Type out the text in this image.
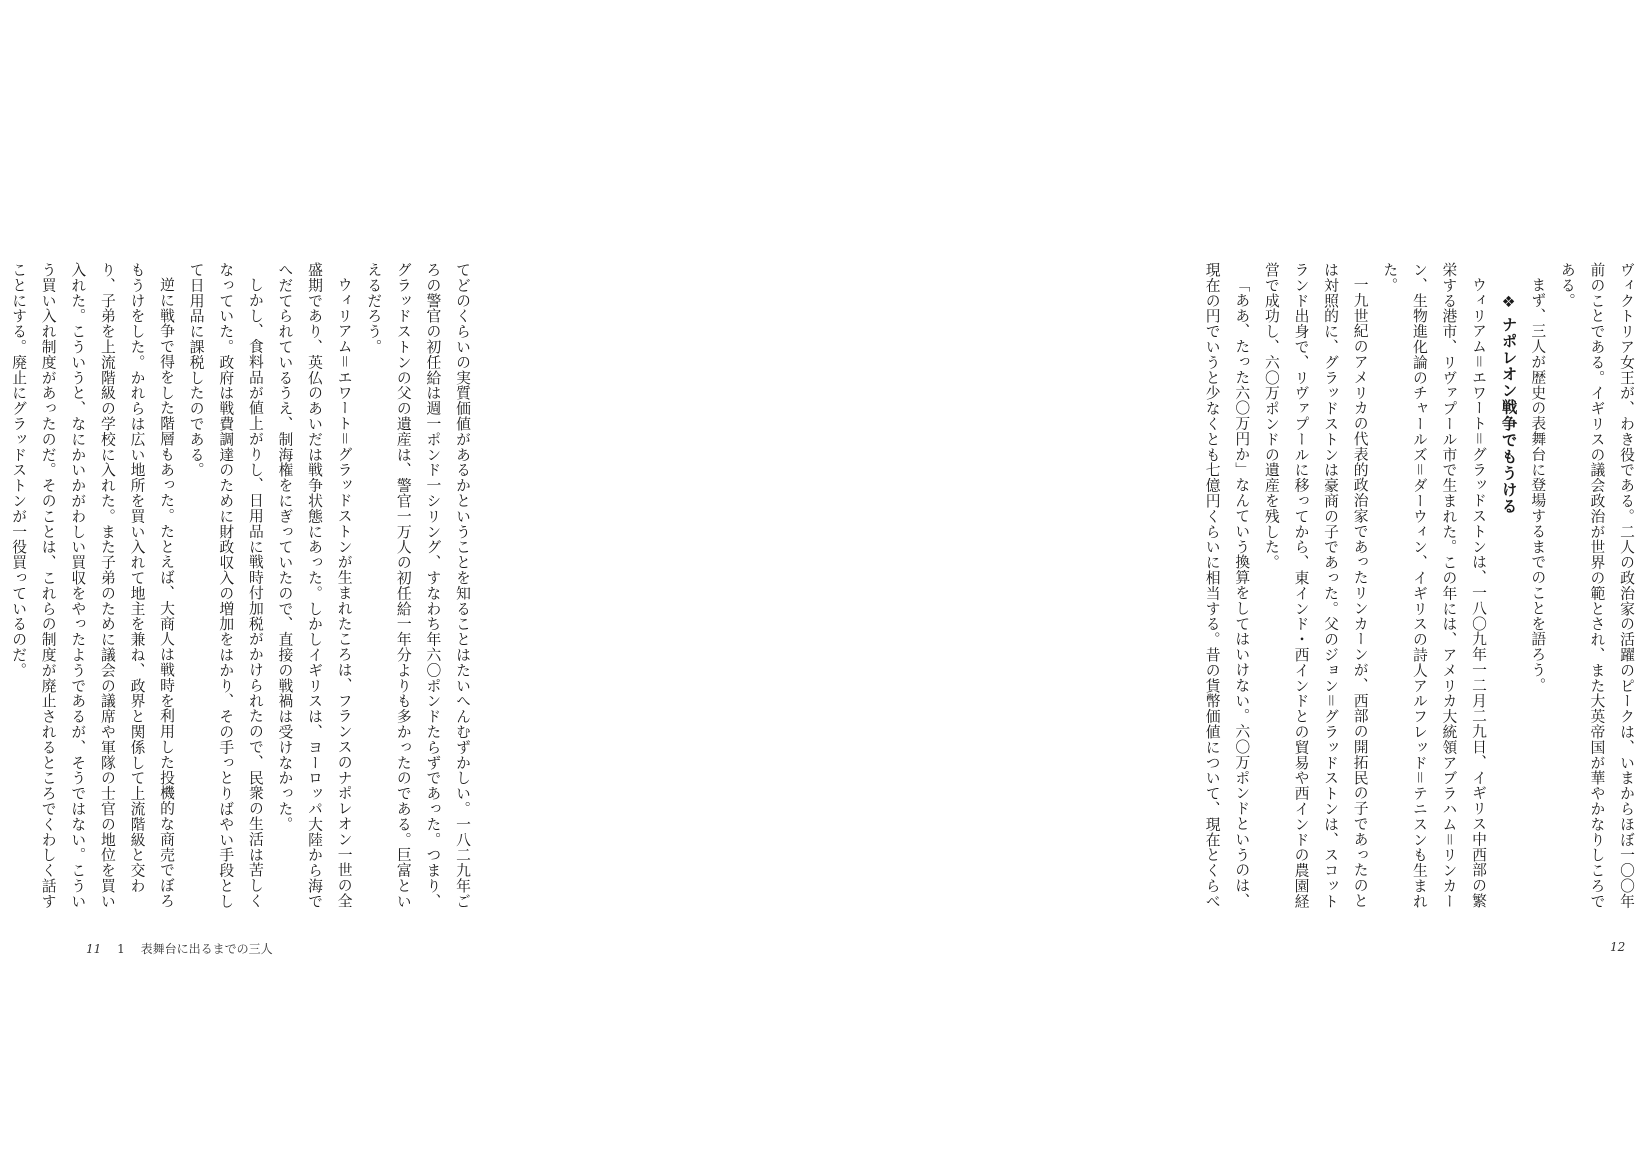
てどのくらいの実質価値があるかということを知ることはたいへんむずかしい。一八二九年ごろの警官の初任給は週一ポンド一シリング、すなわち年六〇ポンドたらずであった。つまり、グラッドストンの父の遺産は、警官一万人の初任給一年分よりも多かったのである。巨富といえるだろう。

ウィリアム＝エワート＝グラッドストンが生まれたころは、フランスのナポレオン一世の全盛期であり、英仏のあいだは戦争状態にあった。しかしイギリスは、ヨーロッパ大陸から海でへだてられているうえ、制海権をにぎっていたので、直接の戦禍は受けなかった。

しかし、食料品が値上がりし、日用品に戦時付加税がかけられたので、民衆の生活は苦しくなっていた。政府は戦費調達のために財政収入の増加をはかり、その手っとりばやい手段として日用品に課税したのである。

逆に戦争で得をした階層もあった。たとえば、大商人は戦時を利用した投機的な商売でぼろもうけをした。かれらは広い地所を買い入れて地主を兼ね、政界と関係して上流階級と交わり、子弟を上流階級の学校に入れた。また子弟のために議会の議席や軍隊の士官の地位を買い入れた。こういうと、なにかいかがわしい買収をやったようであるが、そうではない。こういう買い入れ制度があったのだ。そのことは、これらの制度が廃止されるところでくわしく話すことにする。廃止にグラッドストンが一役買っているのだ。

11 1 表舞台に出るまでの三人

ヴィクトリア女王が、わき役である。二人の政治家の活躍のピークは、いまからほぼ一〇〇年前のことである。イギリスの議会政治が世界の範とされ、また大英帝国が華やかなりしころである。

まず、三人が歴史の表舞台に登場するまでのことを語ろう。

❖ナポレオン戦争でもうける

ウィリアム＝エワート＝グラッドストンは、一八〇九年一二月二九日、イギリス中西部の繁栄する港市、リヴァプール市で生まれた。この年には、アメリカ大統領アブラハム＝リンカーン、生物進化論のチャールズ＝ダーウィン、イギリスの詩人アルフレッド＝テニスンも生まれた。

一九世紀のアメリカの代表的政治家であったリンカーンが、西部の開拓民の子であったのとは対照的に、グラッドストンは豪商の子であった。父のジョン＝グラッドストンは、スコットランド出身で、リヴァプールに移ってから、東インド・西インドとの貿易や西インドの農園経営で成功し、六〇万ポンドの遺産を残した。

「ああ、たった六〇万円か」なんていう換算をしてはいけない。六〇万ポンドというのは、現在の円でいうと少なくとも七億円くらいに相当する。昔の貨幣価値について、現在とくらべ

12
